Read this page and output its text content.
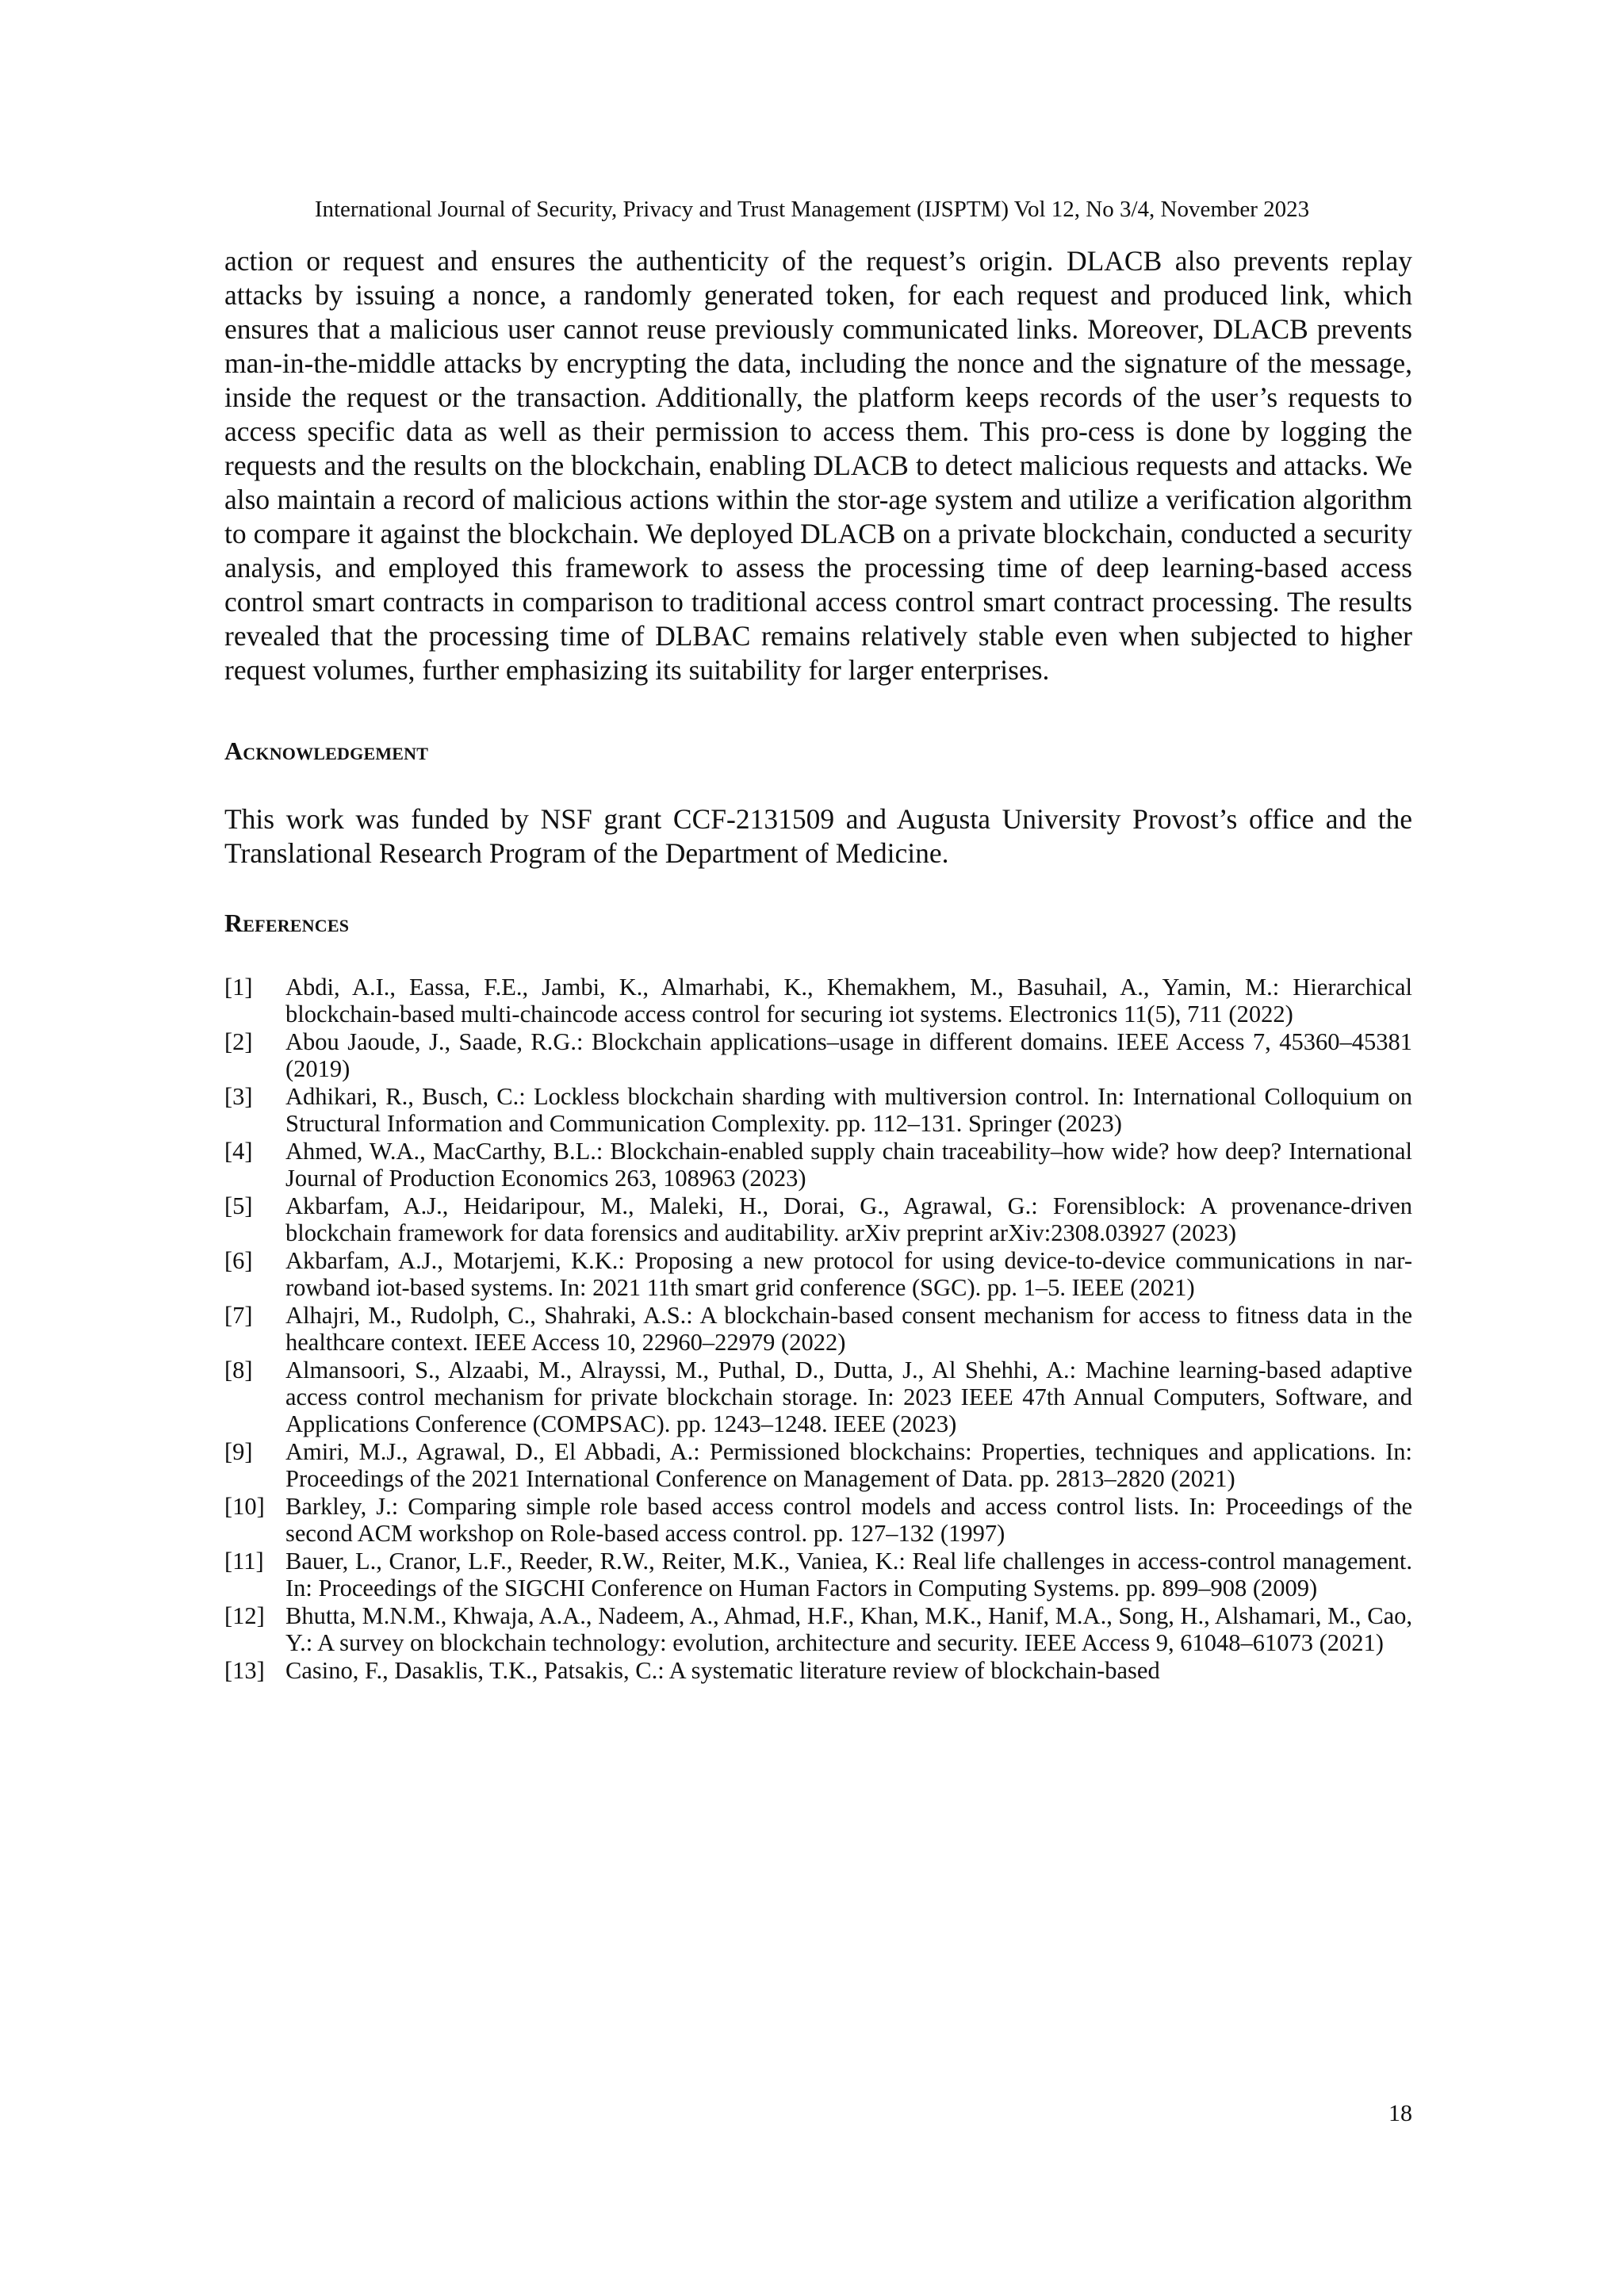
International Journal of Security, Privacy and Trust Management (IJSPTM) Vol 12, No 3/4, November 2023

action or request and ensures the authenticity of the request’s origin. DLACB also prevents replay attacks by issuing a nonce, a randomly generated token, for each request and produced link, which ensures that a malicious user cannot reuse previously communicated links. Moreover, DLACB prevents man-in-the-middle attacks by encrypting the data, including the nonce and the signature of the message, inside the request or the transaction. Additionally, the platform keeps records of the user’s requests to access specific data as well as their permission to access them. This pro-cess is done by logging the requests and the results on the blockchain, enabling DLACB to detect malicious requests and attacks. We also maintain a record of malicious actions within the stor-age system and utilize a verification algorithm to compare it against the blockchain. We deployed DLACB on a private blockchain, conducted a security analysis, and employed this framework to assess the processing time of deep learning-based access control smart contracts in comparison to traditional access control smart contract processing. The results revealed that the processing time of DLBAC remains relatively stable even when subjected to higher request volumes, further emphasizing its suitability for larger enterprises.

Acknowledgement

This work was funded by NSF grant CCF-2131509 and Augusta University Provost’s office and the Translational Research Program of the Department of Medicine.

References
[1]	Abdi, A.I., Eassa, F.E., Jambi, K., Almarhabi, K., Khemakhem, M., Basuhail, A., Yamin, M.: Hierarchical blockchain-based multi-chaincode access control for securing iot systems. Electronics 11(5), 711 (2022)
[2]	Abou Jaoude, J., Saade, R.G.: Blockchain applications–usage in different domains. IEEE Access 7, 45360–45381 (2019)
[3]	Adhikari, R., Busch, C.: Lockless blockchain sharding with multiversion control. In: International Colloquium on Structural Information and Communication Complexity. pp. 112–131. Springer (2023)
[4]	Ahmed, W.A., MacCarthy, B.L.: Blockchain-enabled supply chain traceability–how wide? how deep? International Journal of Production Economics 263, 108963 (2023)
[5]	Akbarfam, A.J., Heidaripour, M., Maleki, H., Dorai, G., Agrawal, G.: Forensiblock: A provenance-driven blockchain framework for data forensics and auditability. arXiv preprint arXiv:2308.03927 (2023)
[6]	Akbarfam, A.J., Motarjemi, K.K.: Proposing a new protocol for using device-to-device communications in nar- rowband iot-based systems. In: 2021 11th smart grid conference (SGC). pp. 1–5. IEEE (2021)
[7]	Alhajri, M., Rudolph, C., Shahraki, A.S.: A blockchain-based consent mechanism for access to fitness data in the healthcare context. IEEE Access 10, 22960–22979 (2022)
[8]	Almansoori, S., Alzaabi, M., Alrayssi, M., Puthal, D., Dutta, J., Al Shehhi, A.: Machine learning-based adaptive access control mechanism for private blockchain storage. In: 2023 IEEE 47th Annual Computers, Software, and Applications Conference (COMPSAC). pp. 1243–1248. IEEE (2023)
[9]	Amiri, M.J., Agrawal, D., El Abbadi, A.: Permissioned blockchains: Properties, techniques and applications. In: Proceedings of the 2021 International Conference on Management of Data. pp. 2813–2820 (2021)
[10] Barkley, J.: Comparing simple role based access control models and access control lists. In: Proceedings of the second ACM workshop on Role-based access control. pp. 127–132 (1997)
[11] Bauer, L., Cranor, L.F., Reeder, R.W., Reiter, M.K., Vaniea, K.: Real life challenges in access-control management. In: Proceedings of the SIGCHI Conference on Human Factors in Computing Systems. pp. 899–908 (2009)
[12] Bhutta, M.N.M., Khwaja, A.A., Nadeem, A., Ahmad, H.F., Khan, M.K., Hanif, M.A., Song, H., Alshamari, M., Cao, Y.: A survey on blockchain technology: evolution, architecture and security. IEEE Access 9, 61048–61073 (2021)
[13] Casino, F., Dasaklis, T.K., Patsakis, C.: A systematic literature review of blockchain-based
18
